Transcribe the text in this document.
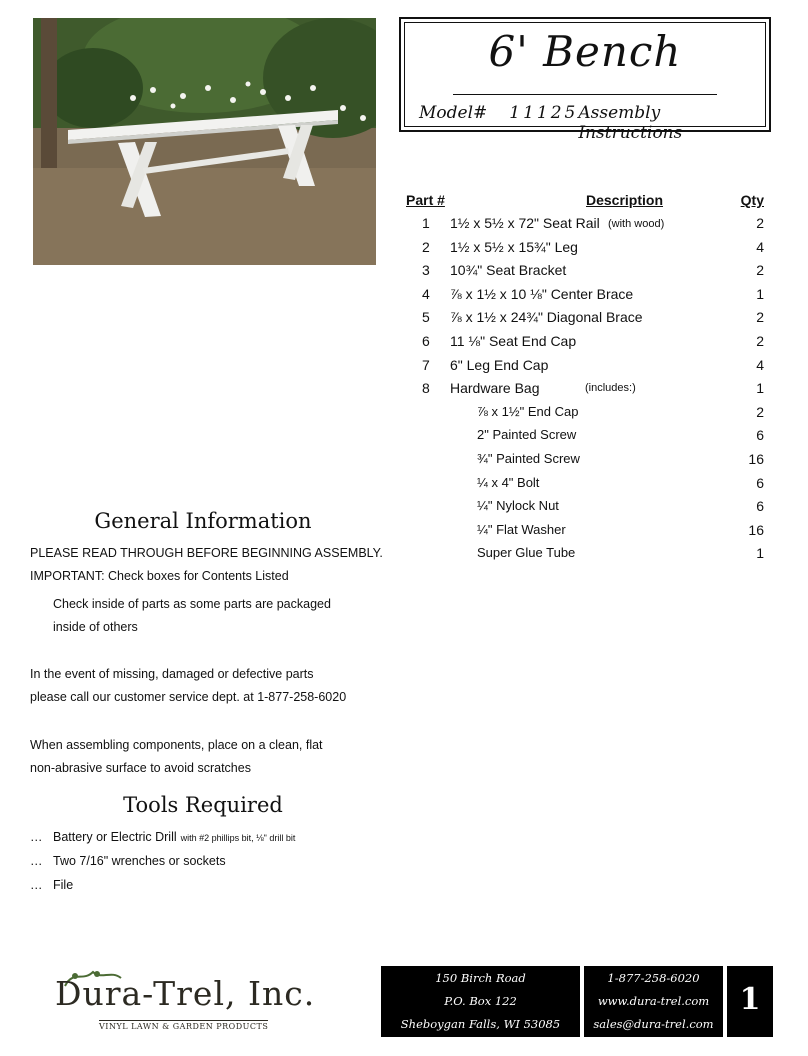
6' Bench
Model# 11125 Assembly Instructions
Part #	Description	Qty
1 1½ x 5½ x 72" Seat Rail (with wood)	2
2 1½ x 5½ x 15¾" Leg	4
3 10¾" Seat Bracket	2
4 ⅞ x 1½ x 10 ⅛" Center Brace	1
5 ⅞ x 1½ x 24¾" Diagonal Brace	2
6 11 ⅛" Seat End Cap	2
7 6" Leg End Cap	4
8 Hardware Bag	(includes:)	1
⅞ x 1½" End Cap	2
2" Painted Screw	6
¾" Painted Screw	16
¼ x 4" Bolt	6
¼" Nylock Nut	6
¼" Flat Washer	16
Super Glue Tube	1
General Information
PLEASE READ THROUGH BEFORE BEGINNING ASSEMBLY.
IMPORTANT: Check boxes for Contents Listed
Check inside of parts as some parts are packaged
inside of others
In the event of missing, damaged or defective parts
please call our customer service dept. at 1-877-258-6020
When assembling components, place on a clean, flat
non-abrasive surface to avoid scratches
Tools Required
… Battery or Electric Drill with #2 phillips bit, ⅛" drill bit
… Two 7/16" wrenches or sockets
… File
Dura-Trel, Inc.
VINYL LAWN & GARDEN PRODUCTS
150 Birch Road
P.O. Box 122
Sheboygan Falls, WI 53085
1-877-258-6020
www.dura-trel.com
sales@dura-trel.com
1
